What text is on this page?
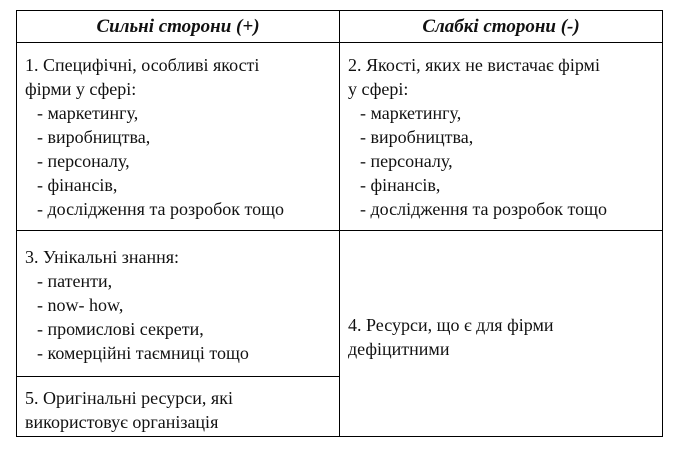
Сильні сторони (+)	Слабкі сторони (-)
1. Специфічні, особливі якості
фірми у сфері:
- маркетингу,
- виробництва,
- персоналу,
- фінансів,
- дослідження та розробок тощо
2. Якості, яких не вистачає фірмі
у сфері:
- маркетингу,
- виробництва,
- персоналу,
- фінансів,
- дослідження та розробок тощо
3. Унікальні знання:
- патенти,
- now- how,
- промислові секрети,
- комерційні таємниці тощо
4. Ресурси, що є для фірми
дефіцитними
5. Оригінальні ресурси, які
використовує організація
